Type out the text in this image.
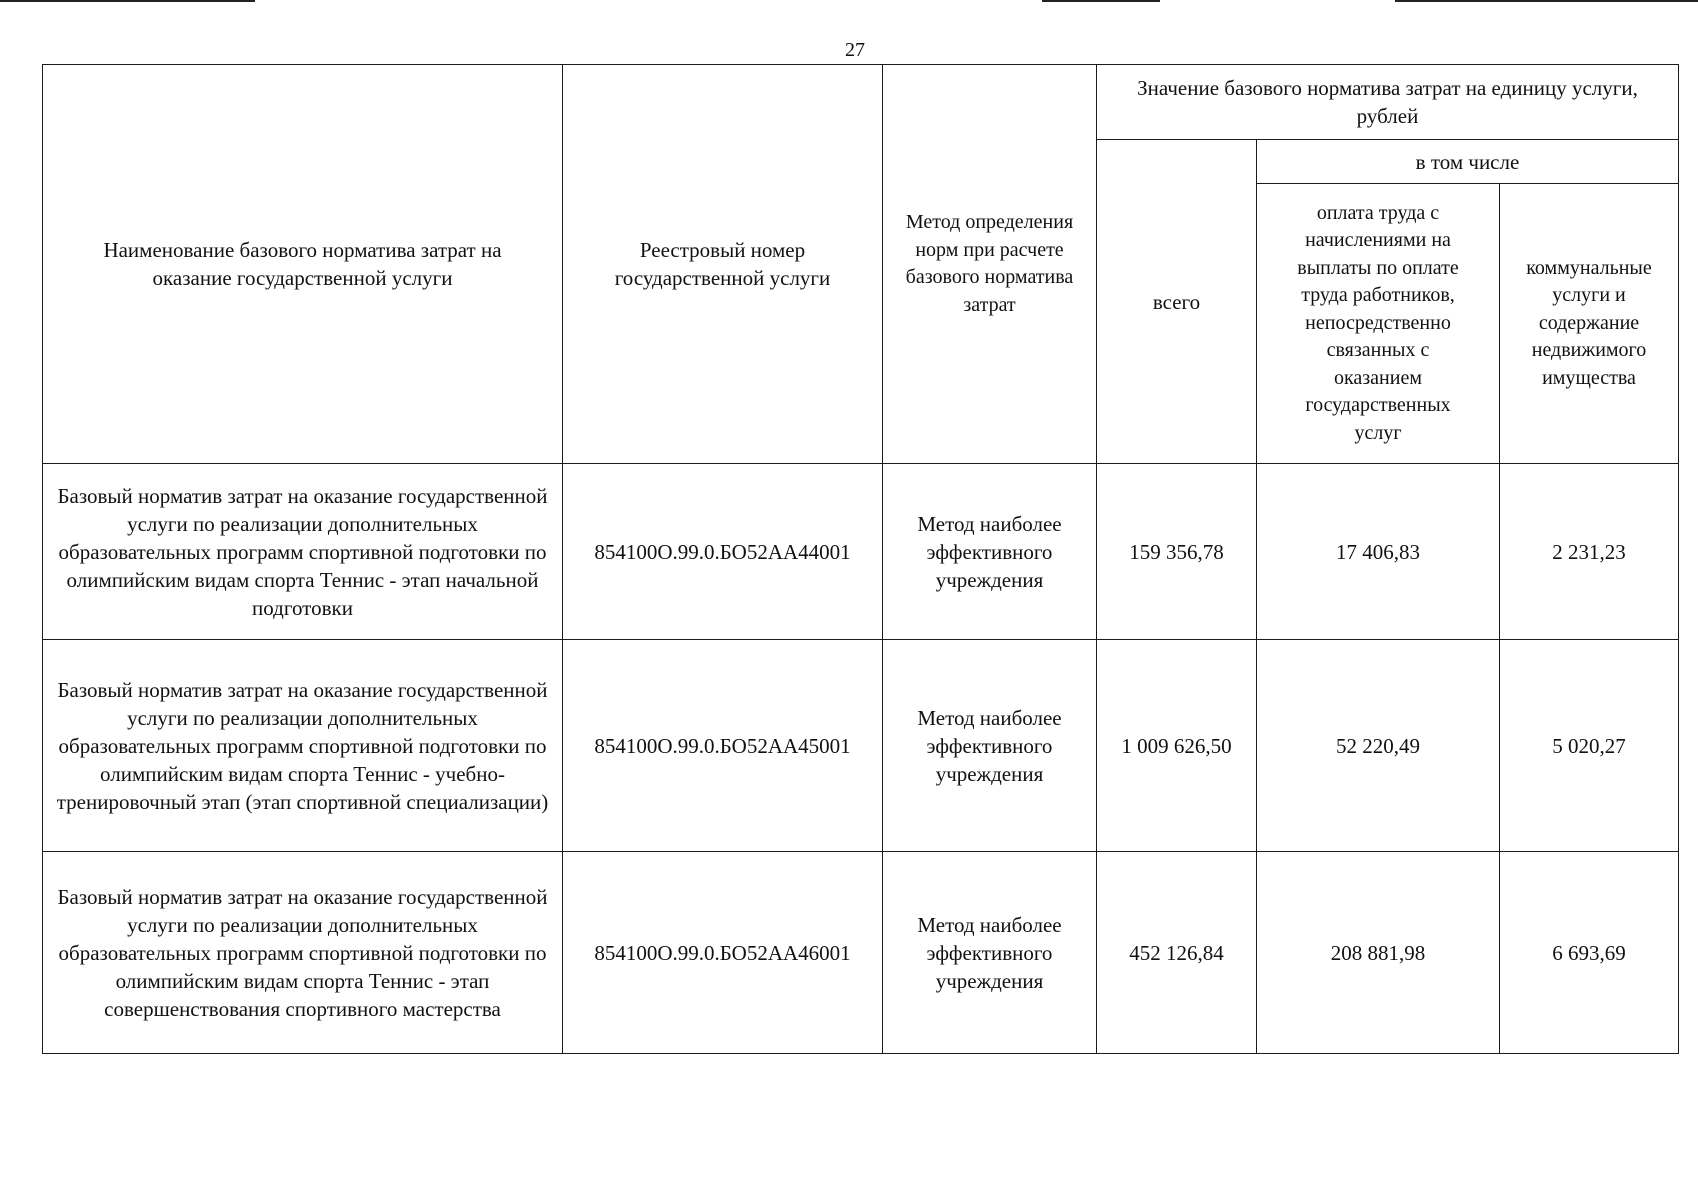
27
Наименование базового норматива затрат на оказание государственной услуги	Реестровый номер государственной услуги	Метод определения норм при расчете базового норматива затрат	Значение базового норматива затрат на единицу услуги, рублей		
			всего	в том числе	
				оплата труда с начислениями на выплаты по оплате труда работников, непосредственно связанных с оказанием государственных услуг	коммунальные услуги и содержание недвижимого имущества
Базовый норматив затрат на оказание государственной услуги по реализации дополнительных образовательных программ спортивной подготовки по олимпийским видам спорта Теннис - этап начальной подготовки	854100О.99.0.БО52АА44001	Метод наиболее эффективного учреждения	159 356,78	17 406,83	2 231,23
Базовый норматив затрат на оказание государственной услуги по реализации дополнительных образовательных программ спортивной подготовки по олимпийским видам спорта Теннис - учебно-тренировочный этап (этап спортивной специализации)	854100О.99.0.БО52АА45001	Метод наиболее эффективного учреждения	1 009 626,50	52 220,49	5 020,27
Базовый норматив затрат на оказание государственной услуги по реализации дополнительных образовательных программ спортивной подготовки по олимпийским видам спорта Теннис - этап совершенствования спортивного мастерства	854100О.99.0.БО52АА46001	Метод наиболее эффективного учреждения	452 126,84	208 881,98	6 693,69
